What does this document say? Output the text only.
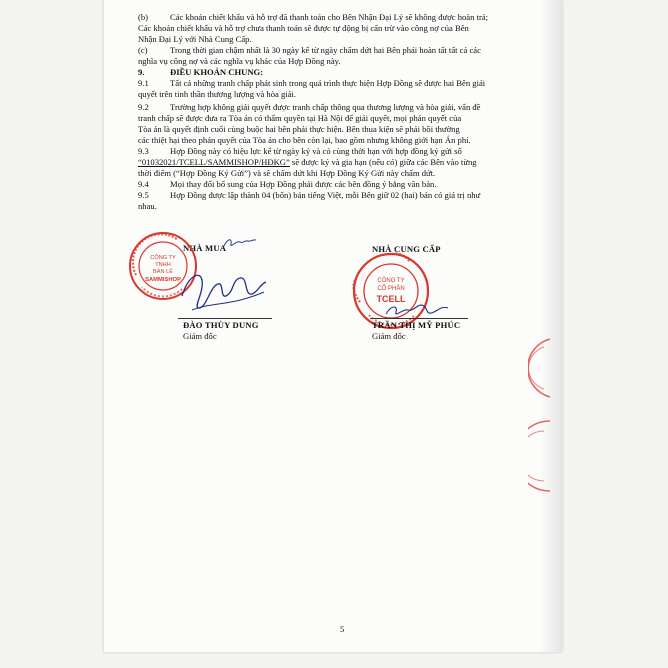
(b)	Các khoản chiết khấu và hỗ trợ đã thanh toán cho Bên Nhận Đại Lý sẽ không được hoàn trả;
Các khoản chiết khấu và hỗ trợ chưa thanh toán sẽ được tự động bị cấn trừ vào công nợ của Bên
Nhận Đại Lý với Nhà Cung Cấp.
(c)	Trong thời gian chậm nhất là 30 ngày kể từ ngày chấm dứt hai Bên phải hoàn tất tất cả các
nghĩa vụ công nợ và các nghĩa vụ khác của Hợp Đồng này.
9.	ĐIỀU KHOẢN CHUNG:
9.1 Tất cả những tranh chấp phát sinh trong quá trình thực hiện Hợp Đồng sẽ được hai Bên giải
quyết trên tinh thần thương lượng và hòa giải.
9.2 Trường hợp không giải quyết được tranh chấp thông qua thương lượng và hòa giải, vấn đề
tranh chấp sẽ được đưa ra Tòa án có thẩm quyền tại Hà Nội để giải quyết, mọi phán quyết của
Tòa án là quyết định cuối cùng buộc hai bên phải thực hiện. Bên thua kiện sẽ phải bồi thường
các thiệt hại theo phán quyết của Tòa án cho bên còn lại, bao gồm nhưng không giới hạn Án phí.
9.3 Hợp Đồng này có hiệu lực kể từ ngày ký và có cùng thời hạn với hợp đồng ký gửi số
“01032021/TCELL/SAMMISHOP/HĐKG” sẽ được ký và gia hạn (nếu có) giữa các Bên vào từng
thời điểm (“Hợp Đồng Ký Gửi”) và sẽ chấm dứt khi Hợp Đồng Ký Gửi này chấm dứt.
9.4 Mọi thay đổi bổ sung của Hợp Đồng phải được các bên đồng ý bằng văn bản.
9.5 Hợp Đồng được lập thành 04 (bốn) bản tiếng Việt, mỗi Bên giữ 02 (hai) bản có giá trị như
nhau.
NHÀ MUA
CÔNG TY
TNHH
BÁN LẺ
SAMMISHOP
ĐÀO THÙY DUNG
Giám đốc
NHÀ CUNG CẤP
CÔNG TY
CỔ PHẦN
TCELL
TRẦN THỊ MỸ PHÚC
Giám đốc
5
